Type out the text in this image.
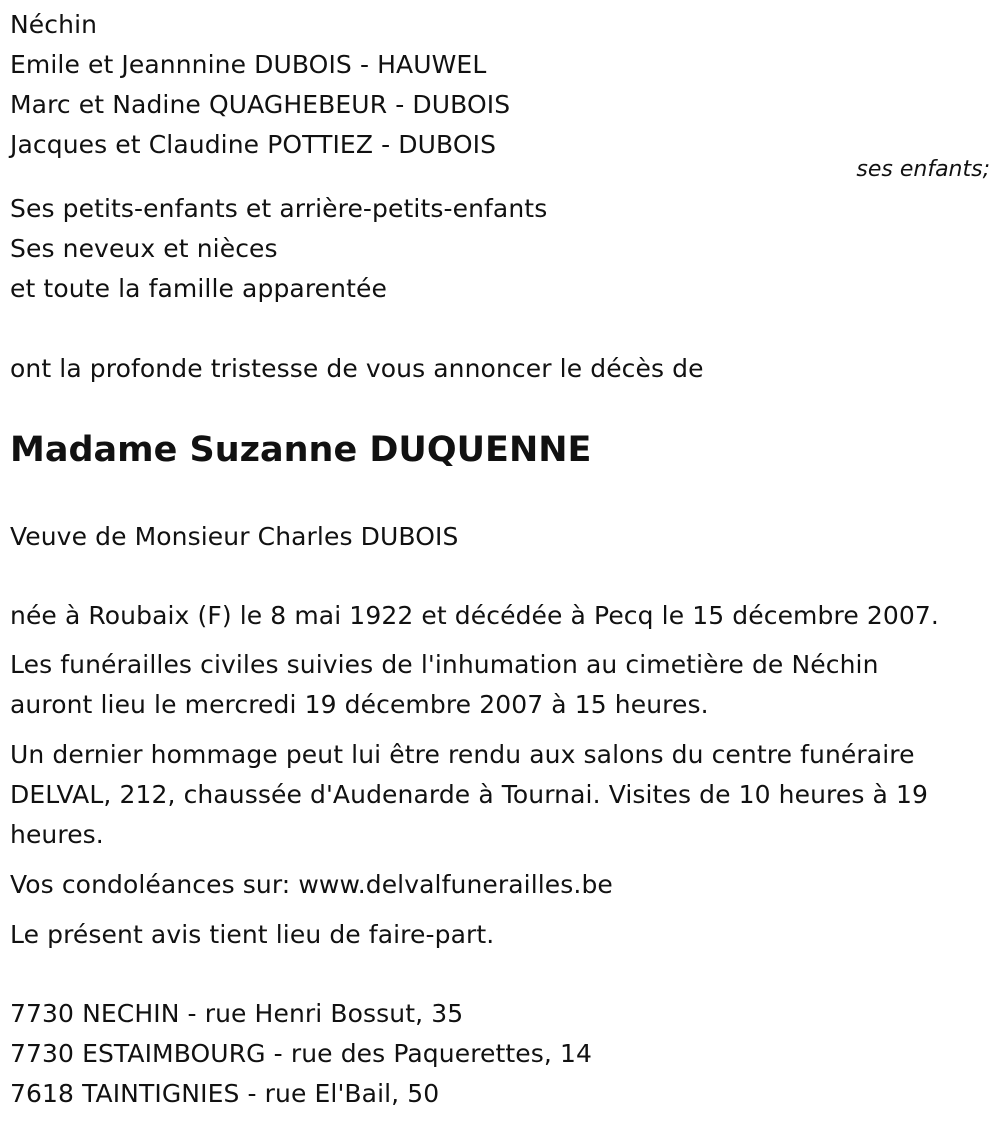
Néchin
Emile et Jeannnine DUBOIS - HAUWEL
Marc et Nadine QUAGHEBEUR - DUBOIS
Jacques et Claudine POTTIEZ - DUBOIS
ses enfants;
Ses petits-enfants et arrière-petits-enfants
Ses neveux et nièces
et toute la famille apparentée
ont la profonde tristesse de vous annoncer le décès de
Madame Suzanne DUQUENNE
Veuve de Monsieur Charles DUBOIS
née à Roubaix (F) le 8 mai 1922 et décédée à Pecq le 15 décembre 2007.
Les funérailles civiles suivies de l'inhumation au cimetière de Néchin
auront lieu le mercredi 19 décembre 2007 à 15 heures.
Un dernier hommage peut lui être rendu aux salons du centre funéraire
DELVAL, 212, chaussée d'Audenarde à Tournai. Visites de 10 heures à 19
heures.
Vos condoléances sur: www.delvalfunerailles.be
Le présent avis tient lieu de faire-part.
7730 NECHIN - rue Henri Bossut, 35
7730 ESTAIMBOURG - rue des Paquerettes, 14
7618 TAINTIGNIES - rue El'Bail, 50
